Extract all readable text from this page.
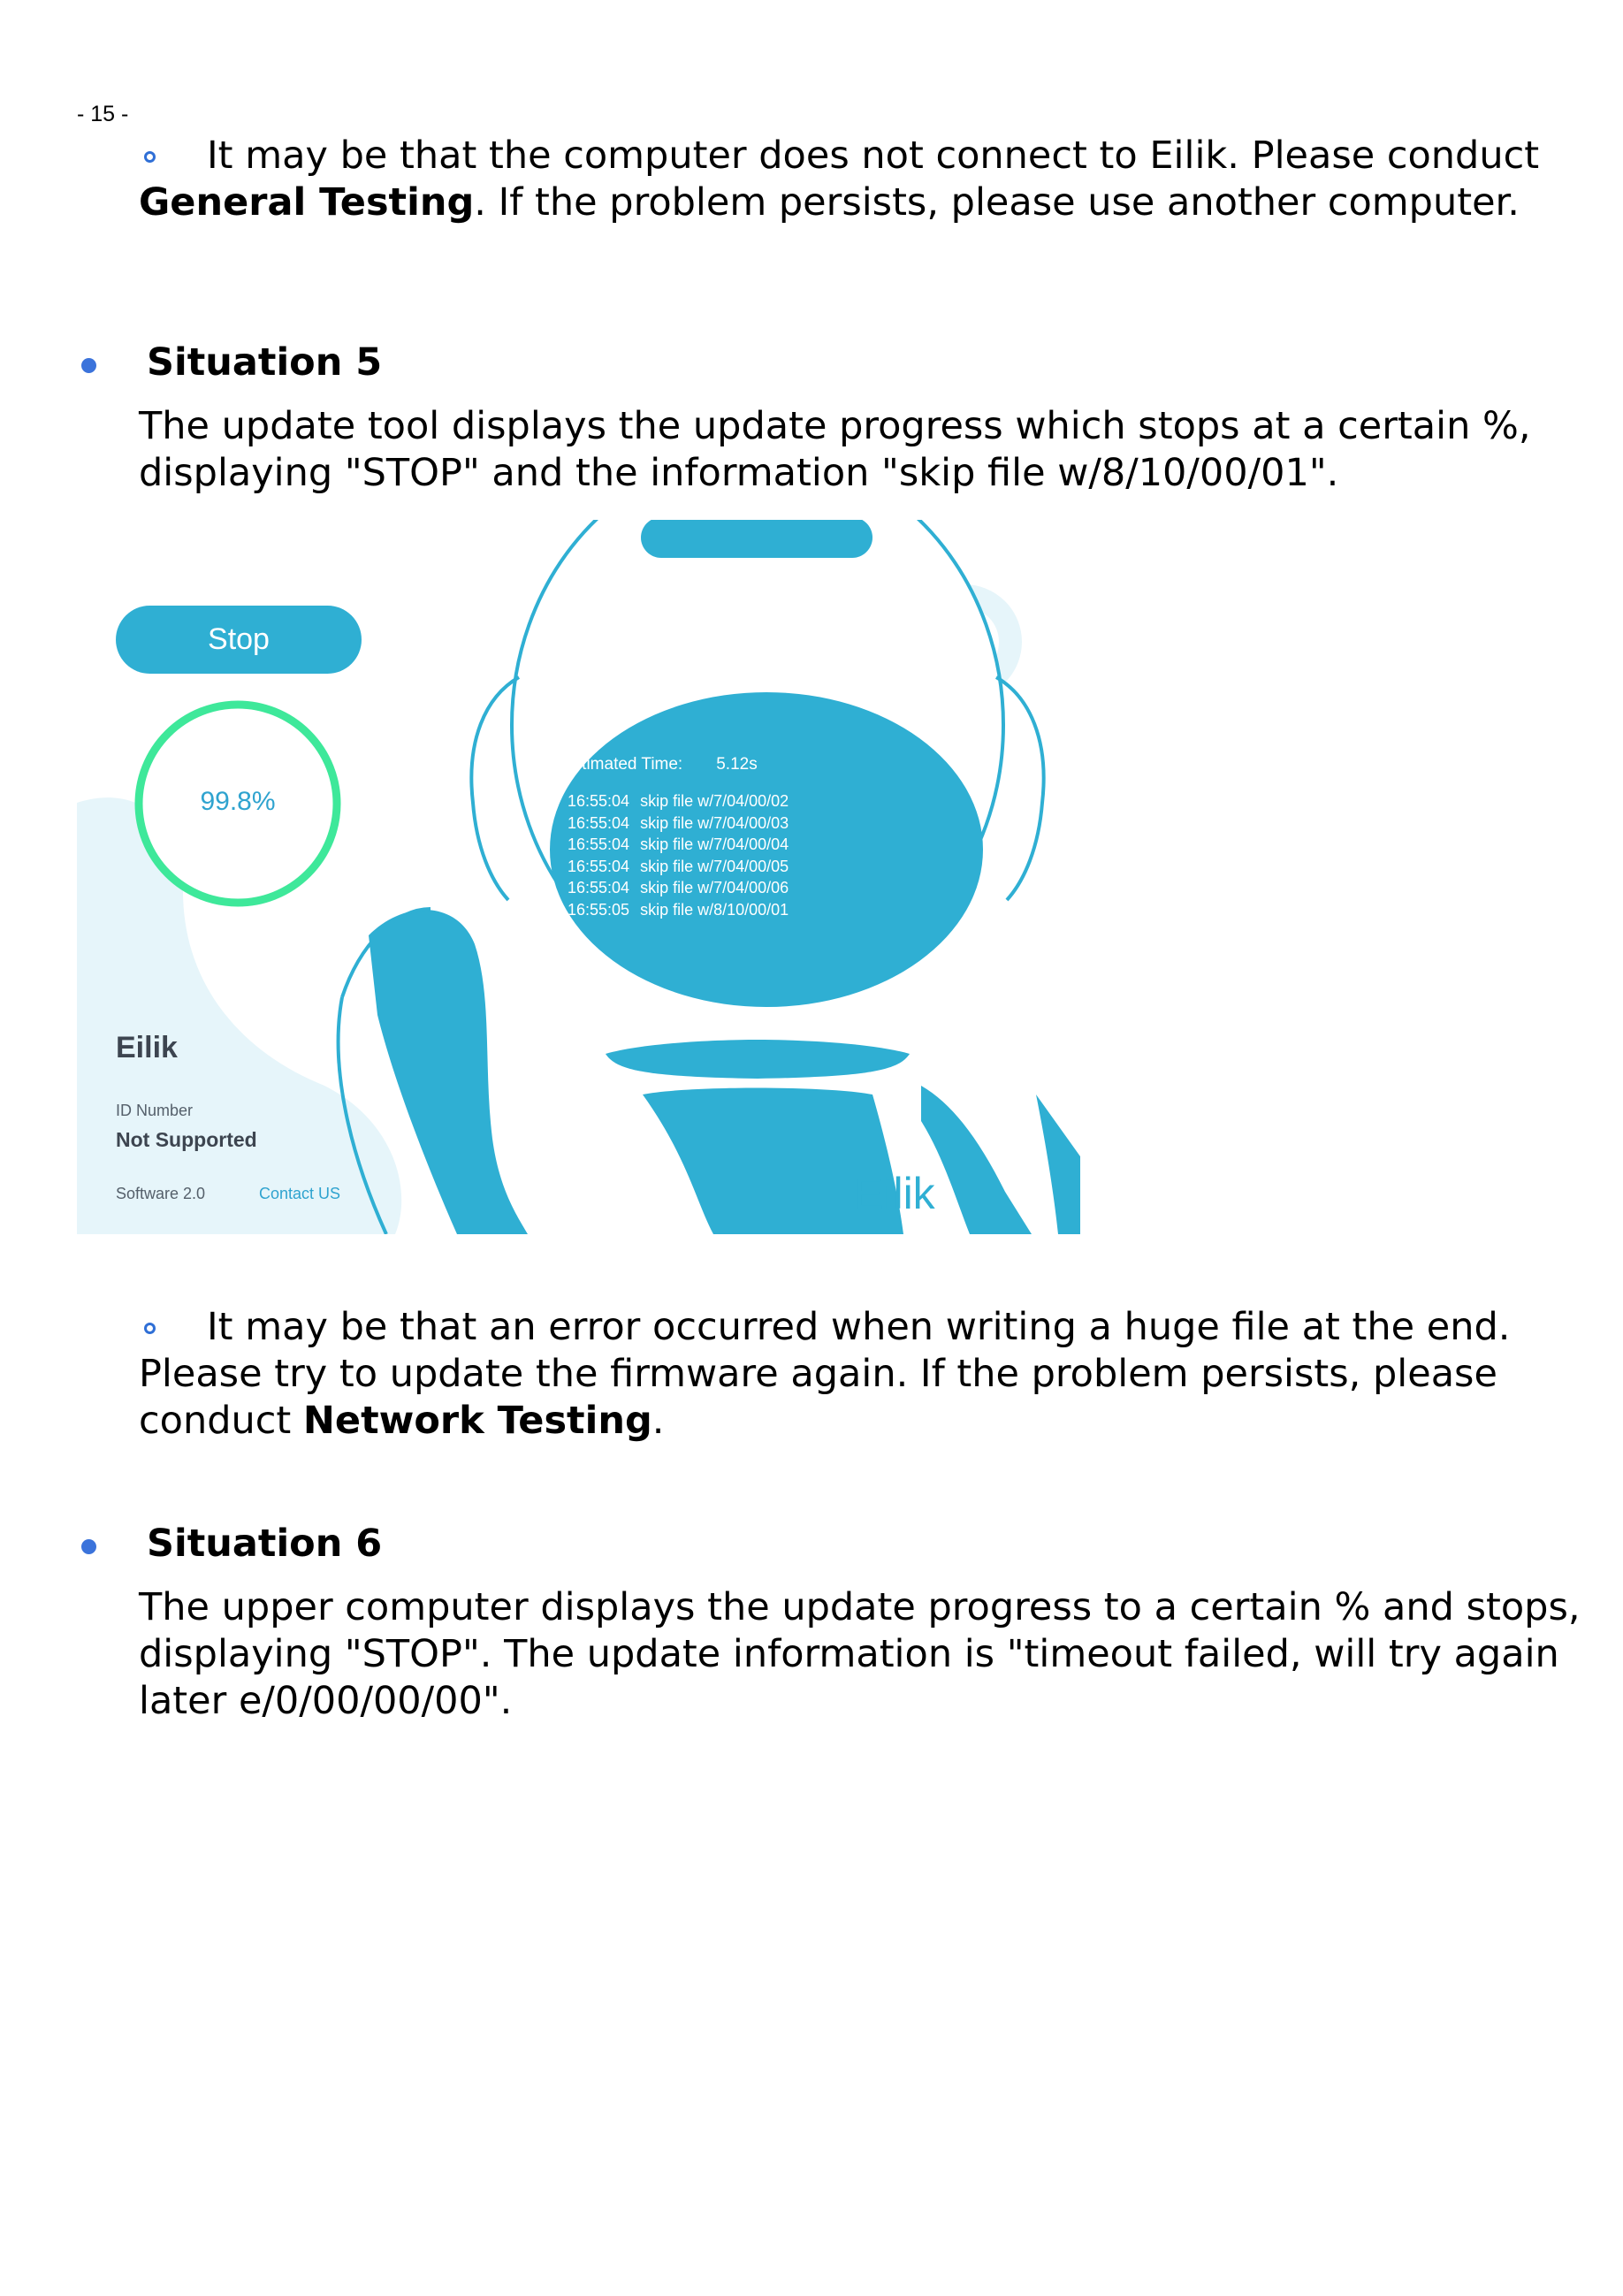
- 15 -

It may be that the computer does not connect to Eilik. Please conduct General Testing. If the problem persists, please use another computer.

Situation 5

The update tool displays the update progress which stops at a certain %, displaying "STOP" and the information "skip file w/8/10/00/01".

Stop
99.8%
Estimated Time: 5.12s
16:55:04 skip file w/7/04/00/02
16:55:04 skip file w/7/04/00/03
16:55:04 skip file w/7/04/00/04
16:55:04 skip file w/7/04/00/05
16:55:04 skip file w/7/04/00/06
16:55:05 skip file w/8/10/00/01
Eilik
ID Number
Not Supported
Software 2.0	Contact US	Eilik

It may be that an error occurred when writing a huge file at the end. Please try to update the firmware again. If the problem persists, please conduct Network Testing.

Situation 6

The upper computer displays the update progress to a certain % and stops, displaying "STOP". The update information is "timeout failed, will try again later e/0/00/00/00".
